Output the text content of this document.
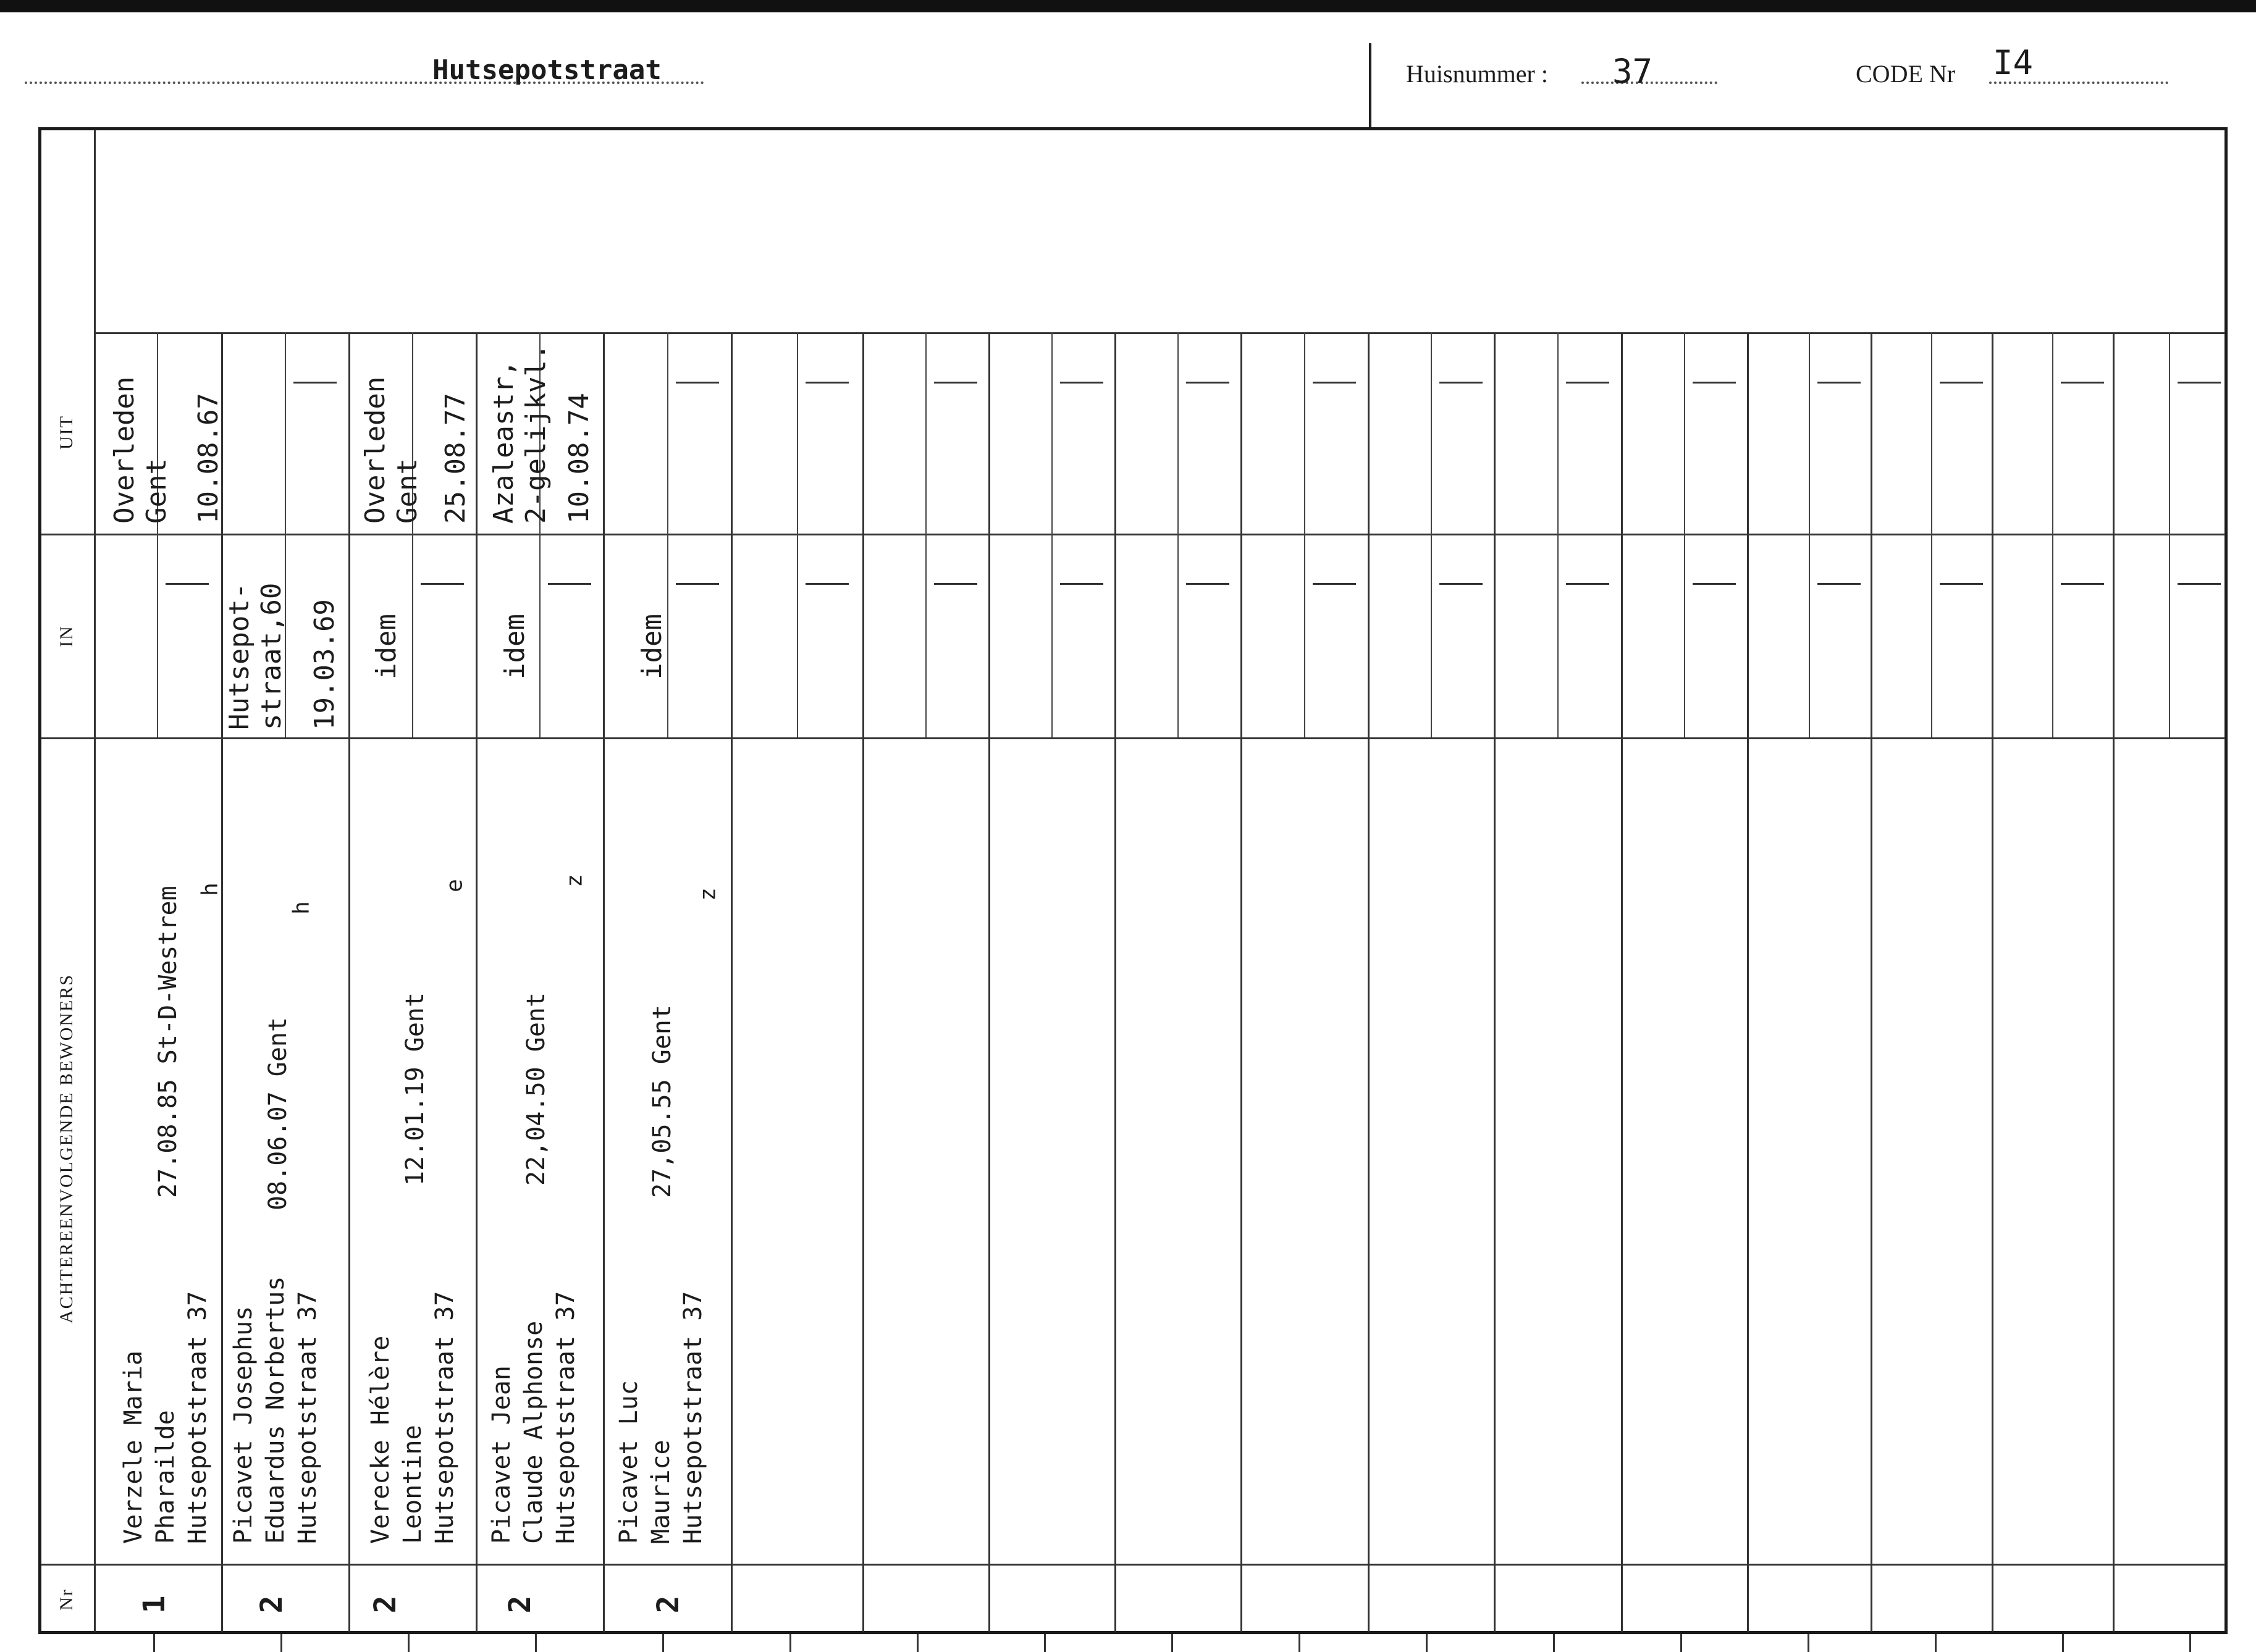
Hutsepotstraat	Huisnummer : 37	CODE Nr I4
UIT
IN
ACHTEREENVOLGENDE BEWONERS
Nr 1
Verzele Maria Pharailde Hutsepotstraat 37
27.08.85 St-D-Westrem h
Overleden Gent 10.08.67
2
Picavet Josephus Eduardus Norbertus Hutsepotstraat 37
08.06.07 Gent
h
Hutsepot- straat,60 19.03.69
2
Verecke Hélère Leontine Hutsepotstraat 37
12.01.19 Gent
e
idem
Overleden Gent 25.08.77
2
Picavet Jean Claude Alphonse Hutsepotstraat 37
22,04.50 Gent
z
idem
Azaleastr, 2-gelijkvl. 10.08.74
2
Picavet Luc Maurice Hutsepotstraat 37
27,05.55 Gent
z
idem
